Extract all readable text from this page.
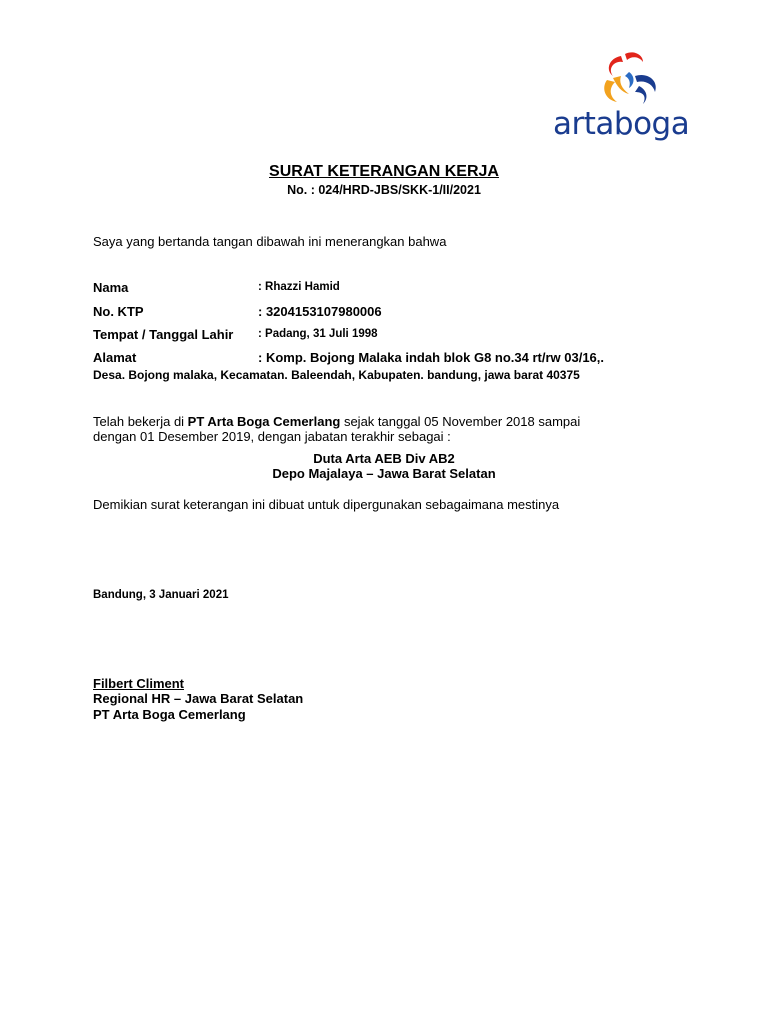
artaboga
SURAT KETERANGAN KERJA
No. : 024/HRD-JBS/SKK-1/II/2021
Saya yang bertanda tangan dibawah ini menerangkan bahwa
Nama	: Rhazzi Hamid
No. KTP	: 3204153107980006
Tempat / Tanggal Lahir : Padang, 31 Juli 1998
Alamat	: Komp. Bojong Malaka indah blok G8 no.34 rt/rw 03/16,.
Desa. Bojong malaka, Kecamatan. Baleendah, Kabupaten. bandung, jawa barat 40375
Telah bekerja di PT Arta Boga Cemerlang sejak tanggal 05 November 2018 sampai
dengan 01 Desember 2019, dengan jabatan terakhir sebagai :
Duta Arta AEB Div AB2
Depo Majalaya – Jawa Barat Selatan
Demikian surat keterangan ini dibuat untuk dipergunakan sebagaimana mestinya
Bandung, 3 Januari 2021
Filbert Climent
Regional HR – Jawa Barat Selatan
PT Arta Boga Cemerlang
